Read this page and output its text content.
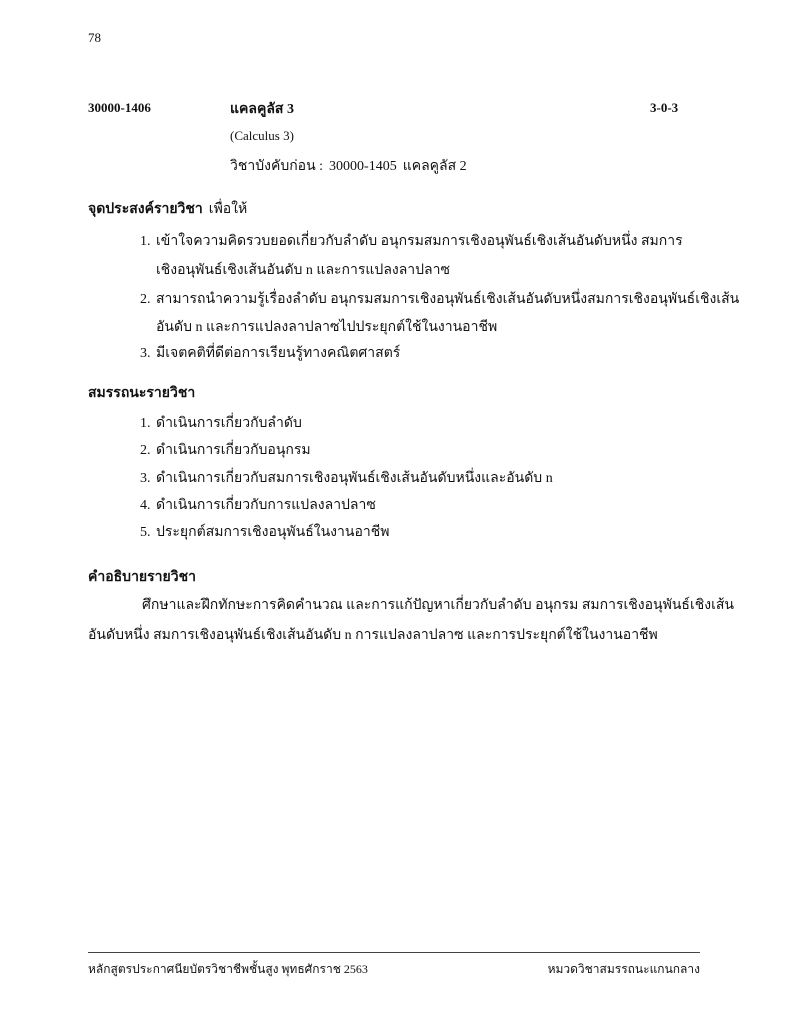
78
30000-1406	แคลคูลัส 3	3-0-3
(Calculus 3)
วิชาบังคับก่อน : 30000-1405 แคลคูลัส 2
จุดประสงค์รายวิชา เพื่อให้
1. เข้าใจความคิดรวบยอดเกี่ยวกับลำดับ อนุกรมสมการเชิงอนุพันธ์เชิงเส้นอันดับหนึ่ง สมการ
เชิงอนุพันธ์เชิงเส้นอันดับ n และการแปลงลาปลาซ
2. สามารถนำความรู้เรื่องลำดับ อนุกรมสมการเชิงอนุพันธ์เชิงเส้นอันดับหนึ่งสมการเชิงอนุพันธ์เชิงเส้น
อันดับ n และการแปลงลาปลาซไปประยุกต์ใช้ในงานอาชีพ
3. มีเจตคติที่ดีต่อการเรียนรู้ทางคณิตศาสตร์
สมรรถนะรายวิชา
1. ดำเนินการเกี่ยวกับลำดับ
2. ดำเนินการเกี่ยวกับอนุกรม
3. ดำเนินการเกี่ยวกับสมการเชิงอนุพันธ์เชิงเส้นอันดับหนึ่งและอันดับ n
4. ดำเนินการเกี่ยวกับการแปลงลาปลาซ
5. ประยุกต์สมการเชิงอนุพันธ์ในงานอาชีพ
คำอธิบายรายวิชา
ศึกษาและฝึกทักษะการคิดคำนวณ และการแก้ปัญหาเกี่ยวกับลำดับ อนุกรม สมการเชิงอนุพันธ์เชิงเส้น
อันดับหนึ่ง สมการเชิงอนุพันธ์เชิงเส้นอันดับ n การแปลงลาปลาซ และการประยุกต์ใช้ในงานอาชีพ
หลักสูตรประกาศนียบัตรวิชาชีพชั้นสูง พุทธศักราช 2563	หมวดวิชาสมรรถนะแกนกลาง
